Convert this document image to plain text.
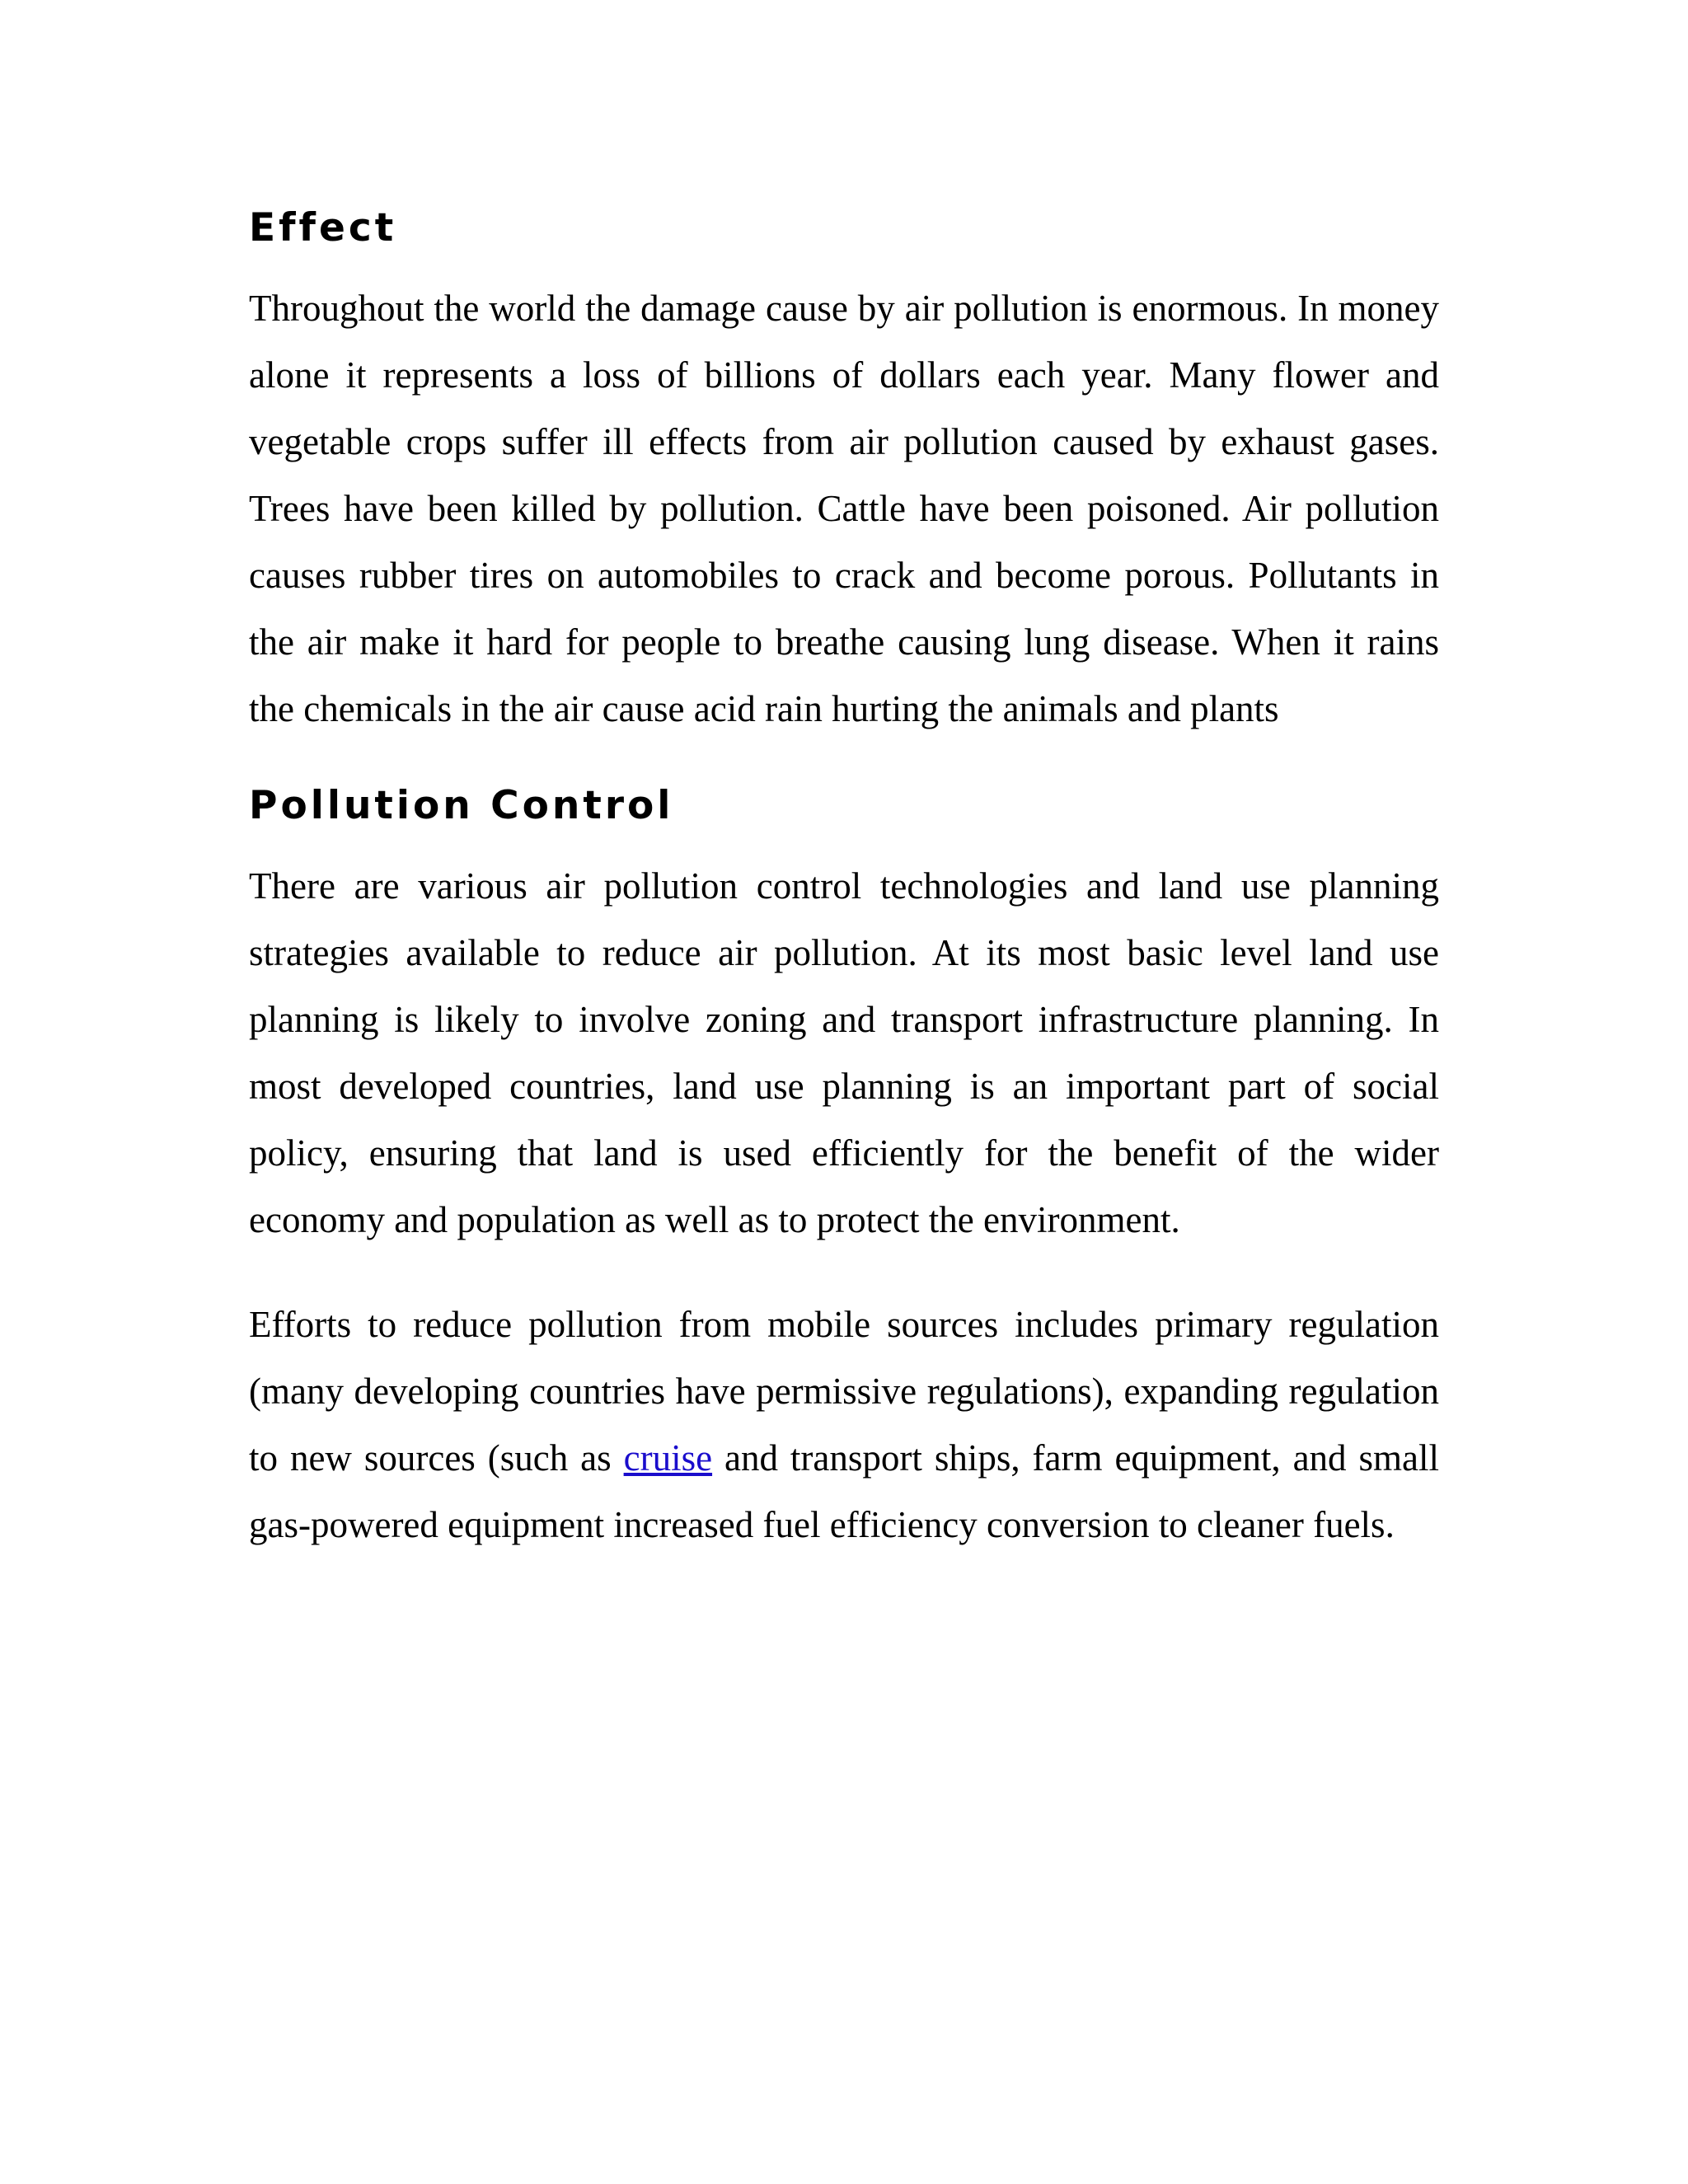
Effect

Throughout the world the damage cause by air pollution is enormous. In money alone it represents a loss of billions of dollars each year. Many flower and vegetable crops suffer ill effects from air pollution caused by exhaust gases. Trees have been killed by pollution. Cattle have been poisoned. Air pollution causes rubber tires on automobiles to crack and become porous. Pollutants in the air make it hard for people to breathe causing lung disease. When it rains the chemicals in the air cause acid rain hurting the animals and plants

Pollution Control

There are various air pollution control technologies and land use planning strategies available to reduce air pollution. At its most basic level land use planning is likely to involve zoning and transport infrastructure planning. In most developed countries, land use planning is an important part of social policy, ensuring that land is used efficiently for the benefit of the wider economy and population as well as to protect the environment.

Efforts to reduce pollution from mobile sources includes primary regulation (many developing countries have permissive regulations), expanding regulation to new sources (such as cruise and transport ships, farm equipment, and small gas-powered equipment increased fuel efficiency conversion to cleaner fuels.
